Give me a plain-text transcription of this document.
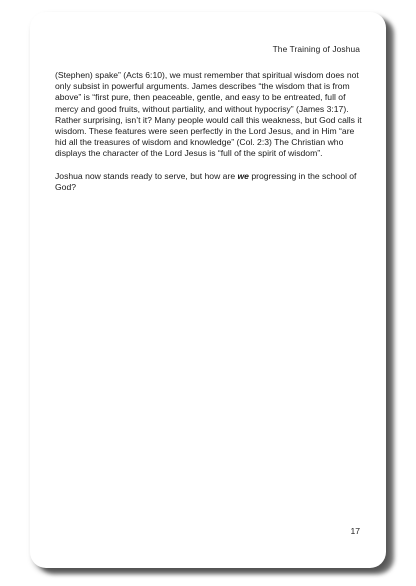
The Training of Joshua

(Stephen) spake” (Acts 6:10), we must remember that spiritual wisdom does not only subsist in powerful arguments. James describes “the wisdom that is from above” is “first pure, then peaceable, gentle, and easy to be entreated, full of mercy and good fruits, without partiality, and without hypocrisy” (James 3:17). Rather surprising, isn’t it? Many people would call this weakness, but God calls it wisdom. These features were seen perfectly in the Lord Jesus, and in Him “are hid all the treasures of wisdom and knowledge” (Col. 2:3) The Christian who displays the character of the Lord Jesus is “full of the spirit of wisdom”.

Joshua now stands ready to serve, but how are we progressing in the school of God?

17
